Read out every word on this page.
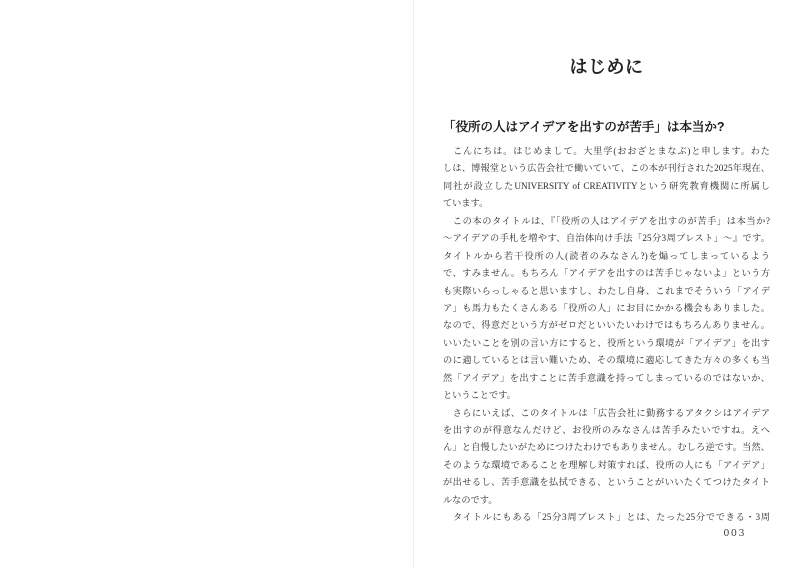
はじめに
「役所の人はアイデアを出すのが苦手」は本当か?
　こんにちは。はじめまして。大里学(おおざとまなぶ)と申します。わた
しは、博報堂という広告会社で働いていて、この本が刊行された2025年現在、
同社が設立したUNIVERSITY of CREATIVITYという研究教育機関に所属し
ています。
　この本のタイトルは、『「役所の人はアイデアを出すのが苦手」は本当か?
〜アイデアの手札を増やす、自治体向け手法「25分3周ブレスト」〜』です。
タイトルから若干役所の人(読者のみなさん?)を煽ってしまっているよう
で、すみません。もちろん「アイデアを出すのは苦手じゃないよ」という方
も実際いらっしゃると思いますし、わたし自身、これまでそういう「アイデ
ア」も馬力もたくさんある「役所の人」にお目にかかる機会もありました。
なので、得意だという方がゼロだといいたいわけではもちろんありません。
いいたいことを別の言い方にすると、役所という環境が「アイデア」を出す
のに適しているとは言い難いため、その環境に適応してきた方々の多くも当
然「アイデア」を出すことに苦手意識を持ってしまっているのではないか、
ということです。
　さらにいえば、このタイトルは「広告会社に勤務するアタクシはアイデア
を出すのが得意なんだけど、お役所のみなさんは苦手みたいですね。えへ
ん」と自慢したいがためにつけたわけでもありません。むしろ逆です。当然、
そのような環境であることを理解し対策すれば、役所の人にも「アイデア」
が出せるし、苦手意識を払拭できる、ということがいいたくてつけたタイト
ルなのです。
　タイトルにもある「25分3周ブレスト」とは、たった25分でできる・3周
003
